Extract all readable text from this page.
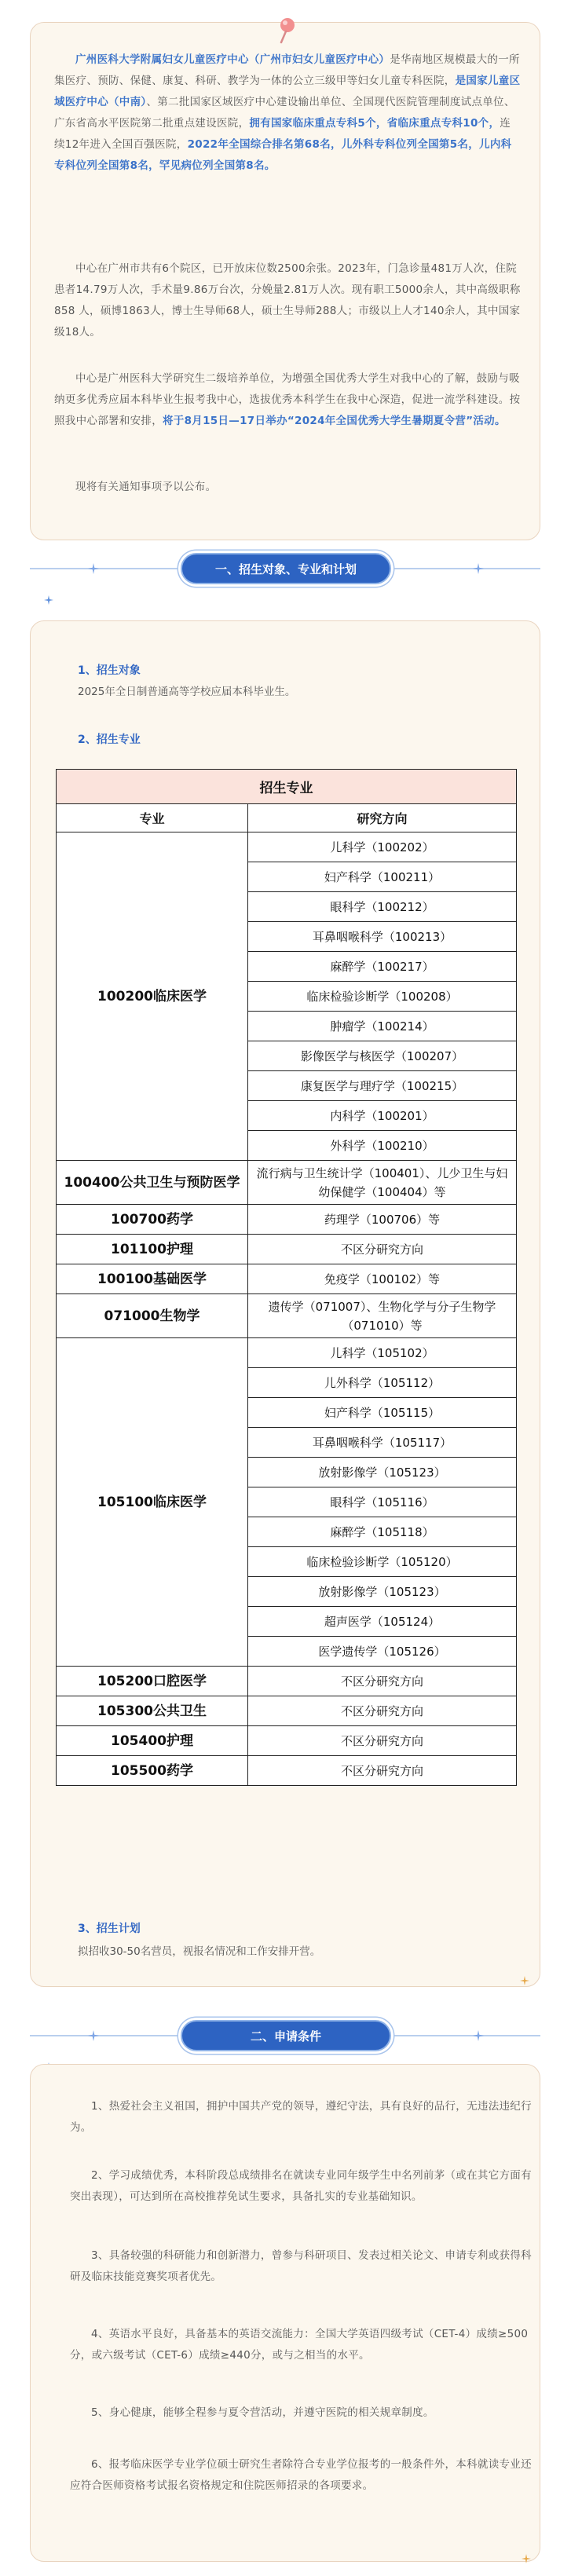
广州医科大学附属妇女儿童医疗中心（广州市妇女儿童医疗中心）是华南地区规模最大的一所集医疗、预防、保健、康复、科研、教学为一体的公立三级甲等妇女儿童专科医院，是国家儿童区域医疗中心（中南）、第二批国家区域医疗中心建设输出单位、全国现代医院管理制度试点单位、广东省高水平医院第二批重点建设医院，拥有国家临床重点专科5个，省临床重点专科10个，连续12年进入全国百强医院，2022年全国综合排名第68名，儿外科专科位列全国第5名，儿内科专科位列全国第8名，罕见病位列全国第8名。

中心在广州市共有6个院区，已开放床位数2500余张。2023年，门急诊量481万人次，住院患者14.79万人次，手术量9.86万台次，分娩量2.81万人次。现有职工5000余人，其中高级职称 858 人，硕博1863人，博士生导师68人，硕士生导师288人；市级以上人才140余人，其中国家级18人。

中心是广州医科大学研究生二级培养单位，为增强全国优秀大学生对我中心的了解，鼓励与吸纳更多优秀应届本科毕业生报考我中心，选拔优秀本科学生在我中心深造，促进一流学科建设。按照我中心部署和安排，将于8月15日—17日举办“2024年全国优秀大学生暑期夏令营”活动。

现将有关通知事项予以公布。

一、招生对象、专业和计划
1、招生对象
2025年全日制普通高等学校应届本科毕业生。
2、招生专业
招生专业	
专业	研究方向
100200临床医学	儿科学（100202）
	妇产科学（100211）
	眼科学（100212）
	耳鼻咽喉科学（100213）
	麻醉学（100217）
	临床检验诊断学（100208）
	肿瘤学（100214）
	影像医学与核医学（100207）
	康复医学与理疗学（100215）
	内科学（100201）
	外科学（100210）
100400公共卫生与预防医学	流行病与卫生统计学（100401）、儿少卫生与妇幼保健学（100404）等
100700药学	药理学（100706）等
101100护理	不区分研究方向
100100基础医学	免疫学（100102）等
071000生物学	遗传学（071007）、生物化学与分子生物学（071010）等
105100临床医学	儿科学（105102）
	儿外科学（105112）
	妇产科学（105115）
	耳鼻咽喉科学（105117）
	放射影像学（105123）
	眼科学（105116）
	麻醉学（105118）
	临床检验诊断学（105120）
	放射影像学（105123）
	超声医学（105124）
	医学遗传学（105126）
105200口腔医学	不区分研究方向
105300公共卫生	不区分研究方向
105400护理	不区分研究方向
105500药学	不区分研究方向
3、招生计划
拟招收30-50名营员，视报名情况和工作安排开营。
二、申请条件
1、热爱社会主义祖国，拥护中国共产党的领导，遵纪守法，具有良好的品行，无违法违纪行为。
2、学习成绩优秀，本科阶段总成绩排名在就读专业同年级学生中名列前茅（或在其它方面有突出表现），可达到所在高校推荐免试生要求，具备扎实的专业基础知识。
3、具备较强的科研能力和创新潜力，曾参与科研项目、发表过相关论文、申请专利或获得科研及临床技能竞赛奖项者优先。
4、英语水平良好，具备基本的英语交流能力：全国大学英语四级考试（CET-4）成绩≥500分，或六级考试（CET-6）成绩≥440分，或与之相当的水平。
5、身心健康，能够全程参与夏令营活动，并遵守医院的相关规章制度。
6、报考临床医学专业学位硕士研究生者除符合专业学位报考的一般条件外，本科就读专业还应符合医师资格考试报名资格规定和住院医师招录的各项要求。
